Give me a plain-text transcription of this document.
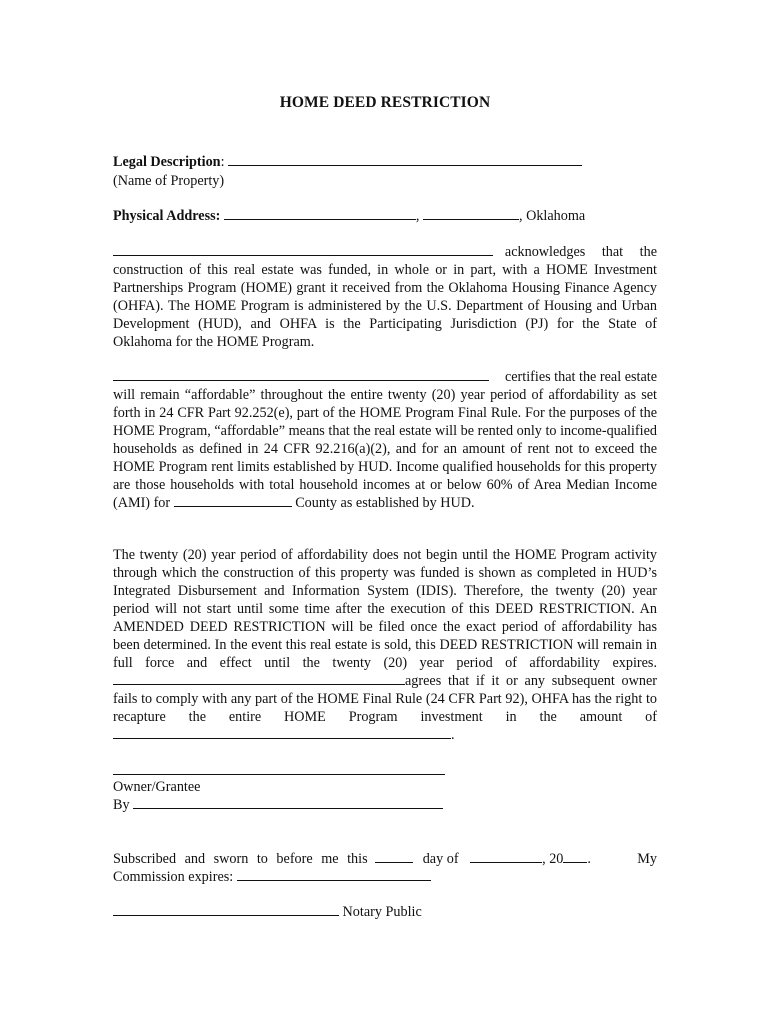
HOME DEED RESTRICTION
Legal Description:
(Name of Property)
Physical Address:	,	, Oklahoma
acknowledges that the
construction of this real estate was funded, in whole or in part, with a HOME Investment Partnerships Program (HOME) grant it received from the Oklahoma Housing Finance Agency (OHFA). The HOME Program is administered by the U.S. Department of Housing and Urban Development (HUD), and OHFA is the Participating Jurisdiction (PJ) for the State of Oklahoma for the HOME Program.
certifies that the real estate
will remain “affordable” throughout the entire twenty (20) year period of affordability as set forth in 24 CFR Part 92.252(e), part of the HOME Program Final Rule. For the purposes of the HOME Program, “affordable” means that the real estate will be rented only to income-qualified households as defined in 24 CFR 92.216(a)(2), and for an amount of rent not to exceed the HOME Program rent limits established by HUD. Income qualified households for this property are those households with total household incomes at or below 60% of Area Median Income (AMI) for	County as established by HUD.
The twenty (20) year period of affordability does not begin until the HOME Program activity through which the construction of this property was funded is shown as completed in HUD’s Integrated Disbursement and Information System (IDIS). Therefore, the twenty (20) year period will not start until some time after the execution of this DEED RESTRICTION. An AMENDED DEED RESTRICTION will be filed once the exact period of affordability has been determined. In the event this real estate is sold, this DEED RESTRICTION will remain in full force and effect until the twenty (20) year period of affordability expires. agrees that if it or any subsequent owner fails to comply with any part of the HOME Final Rule (24 CFR Part 92), OHFA has the right to recapture the entire HOME Program investment in the amount of .
Owner/Grantee
By
Subscribed and sworn to before me this	day of	, 20 .	My
Commission expires:
Notary Public
